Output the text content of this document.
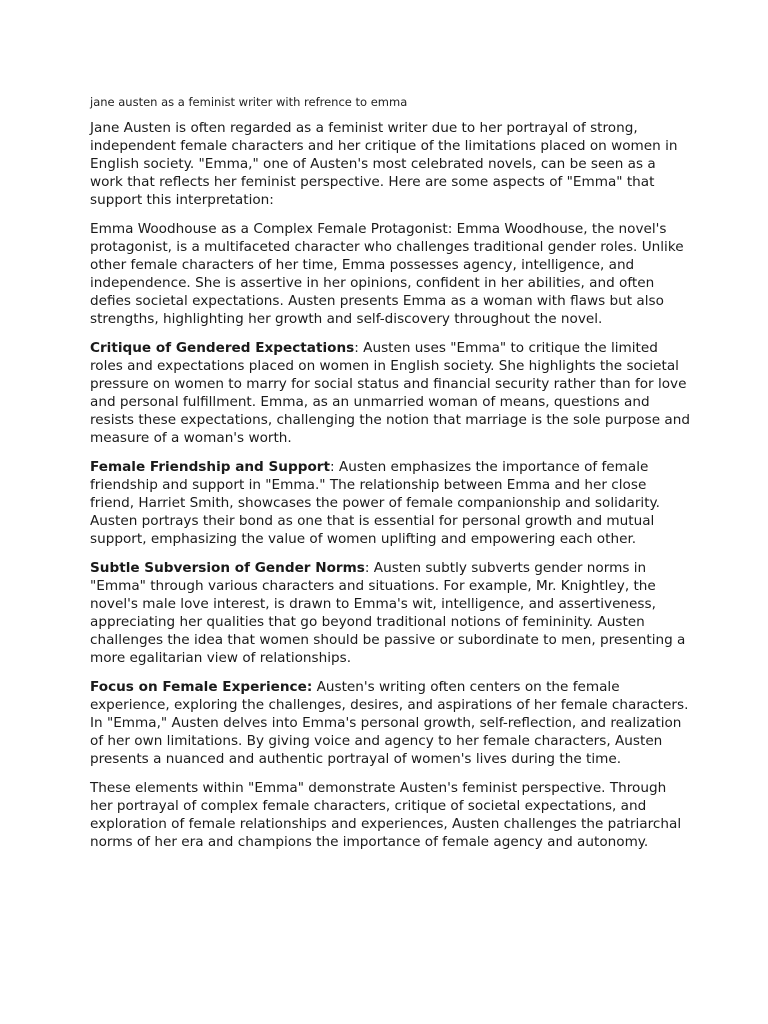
jane austen as a feminist writer with refrence to emma

Jane Austen is often regarded as a feminist writer due to her portrayal of strong, independent female characters and her critique of the limitations placed on women in English society. "Emma," one of Austen's most celebrated novels, can be seen as a work that reflects her feminist perspective. Here are some aspects of "Emma" that support this interpretation:

Emma Woodhouse as a Complex Female Protagonist: Emma Woodhouse, the novel's protagonist, is a multifaceted character who challenges traditional gender roles. Unlike other female characters of her time, Emma possesses agency, intelligence, and independence. She is assertive in her opinions, confident in her abilities, and often defies societal expectations. Austen presents Emma as a woman with flaws but also strengths, highlighting her growth and self-discovery throughout the novel.

Critique of Gendered Expectations: Austen uses "Emma" to critique the limited roles and expectations placed on women in English society. She highlights the societal pressure on women to marry for social status and financial security rather than for love and personal fulfillment. Emma, as an unmarried woman of means, questions and resists these expectations, challenging the notion that marriage is the sole purpose and measure of a woman's worth.

Female Friendship and Support: Austen emphasizes the importance of female friendship and support in "Emma." The relationship between Emma and her close friend, Harriet Smith, showcases the power of female companionship and solidarity. Austen portrays their bond as one that is essential for personal growth and mutual support, emphasizing the value of women uplifting and empowering each other.

Subtle Subversion of Gender Norms: Austen subtly subverts gender norms in "Emma" through various characters and situations. For example, Mr. Knightley, the novel's male love interest, is drawn to Emma's wit, intelligence, and assertiveness, appreciating her qualities that go beyond traditional notions of femininity. Austen challenges the idea that women should be passive or subordinate to men, presenting a more egalitarian view of relationships.

Focus on Female Experience: Austen's writing often centers on the female experience, exploring the challenges, desires, and aspirations of her female characters. In "Emma," Austen delves into Emma's personal growth, self-reflection, and realization of her own limitations. By giving voice and agency to her female characters, Austen presents a nuanced and authentic portrayal of women's lives during the time.

These elements within "Emma" demonstrate Austen's feminist perspective. Through her portrayal of complex female characters, critique of societal expectations, and exploration of female relationships and experiences, Austen challenges the patriarchal norms of her era and champions the importance of female agency and autonomy.
